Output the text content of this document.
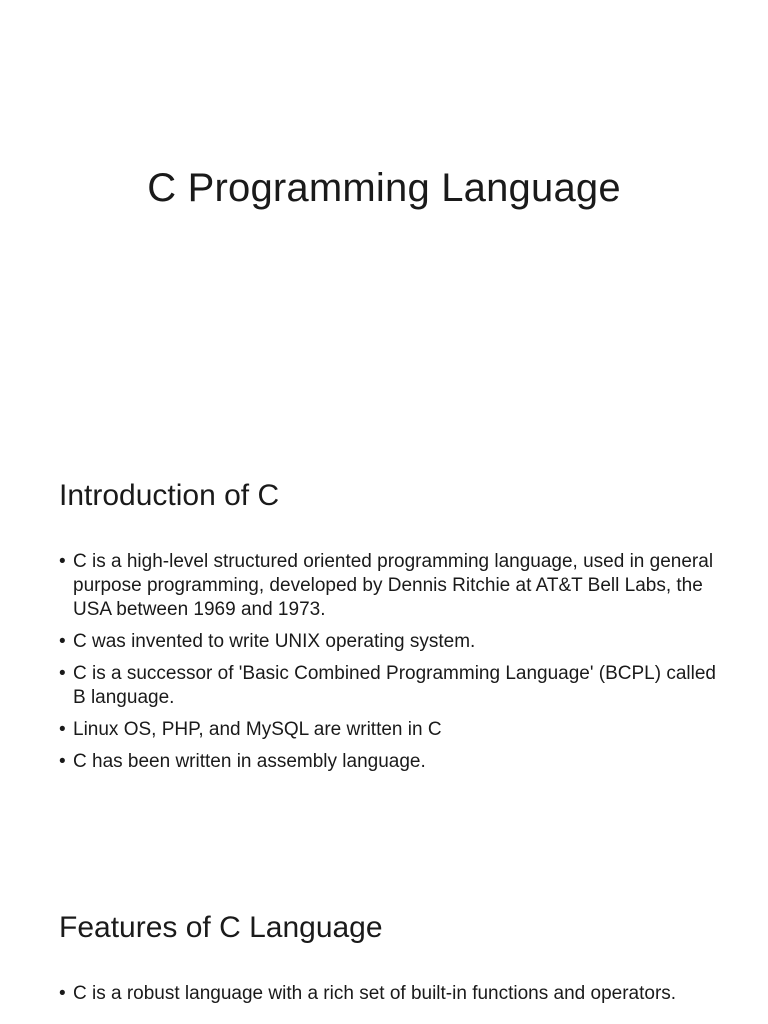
C Programming Language
Introduction of C
• C is a high-level structured oriented programming language, used in general purpose programming, developed by Dennis Ritchie at AT&T Bell Labs, the USA between 1969 and 1973.
• C was invented to write UNIX operating system.
• C is a successor of 'Basic Combined Programming Language' (BCPL) called B language.
• Linux OS, PHP, and MySQL are written in C
• C has been written in assembly language.
Features of C Language
• C is a robust language with a rich set of built-in functions and operators.
